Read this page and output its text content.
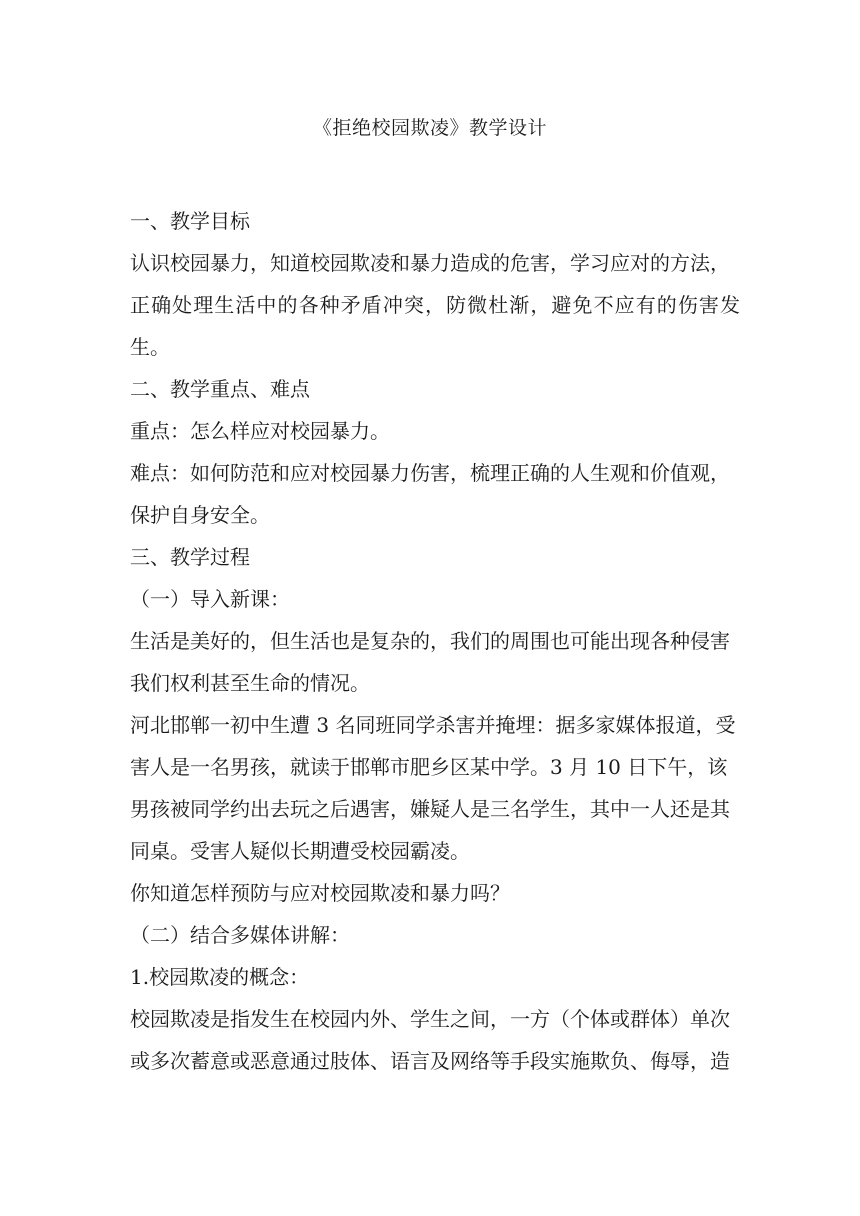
《拒绝校园欺凌》教学设计

一、教学目标

认识校园暴力，知道校园欺凌和暴力造成的危害，学习应对的方法，

正确处理生活中的各种矛盾冲突，防微杜渐，避免不应有的伤害发生。

二、教学重点、难点

重点：怎么样应对校园暴力。

难点：如何防范和应对校园暴力伤害，梳理正确的人生观和价值观，

保护自身安全。

三、教学过程

（一）导入新课：

生活是美好的，但生活也是复杂的，我们的周围也可能出现各种侵害

我们权利甚至生命的情况。

河北邯郸一初中生遭 3 名同班同学杀害并掩埋：据多家媒体报道，受

害人是一名男孩，就读于邯郸市肥乡区某中学。3 月 10 日下午，该

男孩被同学约出去玩之后遇害，嫌疑人是三名学生，其中一人还是其

同桌。受害人疑似长期遭受校园霸凌。

你知道怎样预防与应对校园欺凌和暴力吗？

（二）结合多媒体讲解：

1.校园欺凌的概念：

校园欺凌是指发生在校园内外、学生之间，一方（个体或群体）单次

或多次蓄意或恶意通过肢体、语言及网络等手段实施欺负、侮辱，造
